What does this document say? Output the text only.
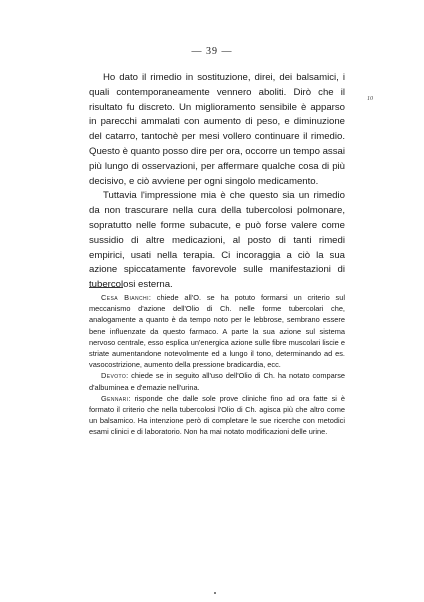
— 39 —
10

Ho dato il rimedio in sostituzione, direi, dei balsamici, i quali contemporaneamente vennero aboliti. Dirò che il risultato fu discreto. Un miglioramento sensibile è apparso in parecchi ammalati con aumento di peso, e diminuzione del catarro, tantochè per mesi vollero continuare il rimedio. Questo è quanto posso dire per ora, occorre un tempo assai più lungo di osservazioni, per affermare qualche cosa di più decisivo, e ciò avviene per ogni singolo medicamento.

Tuttavia l'impressione mia è che questo sia un rimedio da non trascurare nella cura della tubercolosi polmonare, sopratutto nelle forme subacute, e può forse valere come sussidio di altre medicazioni, al posto di tanti rimedi empirici, usati nella terapia. Ci incoraggia a ciò la sua azione spiccatamente favorevole sulle manifestazioni di tubercolosi esterna.

Cesa Bianchi: chiede all'O. se ha potuto formarsi un criterio sul meccanismo d'azione dell'Olio di Ch. nelle forme tubercolari che, analogamente a quanto è da tempo noto per le lebbrose, sembrano essere bene influenzate da questo farmaco. A parte la sua azione sul sistema nervoso centrale, esso esplica un'energica azione sulle fibre muscolari liscie e striate aumentandone notevolmente ed a lungo il tono, determinando ad es. vasocostrizione, aumento della pressione bradicardia, ecc.

Devoto: chiede se in seguito all'uso dell'Olio di Ch. ha notato comparse d'albuminea e d'emazie nell'urina.

Gennari: risponde che dalle sole prove cliniche fino ad ora fatte si è formato il criterio che nella tubercolosi l'Olio di Ch. agisca più che altro come un balsamico. Ha intenzione però di completare le sue ricerche con metodici esami clinici e di laboratorio. Non ha mai notato modificazioni delle urine.
